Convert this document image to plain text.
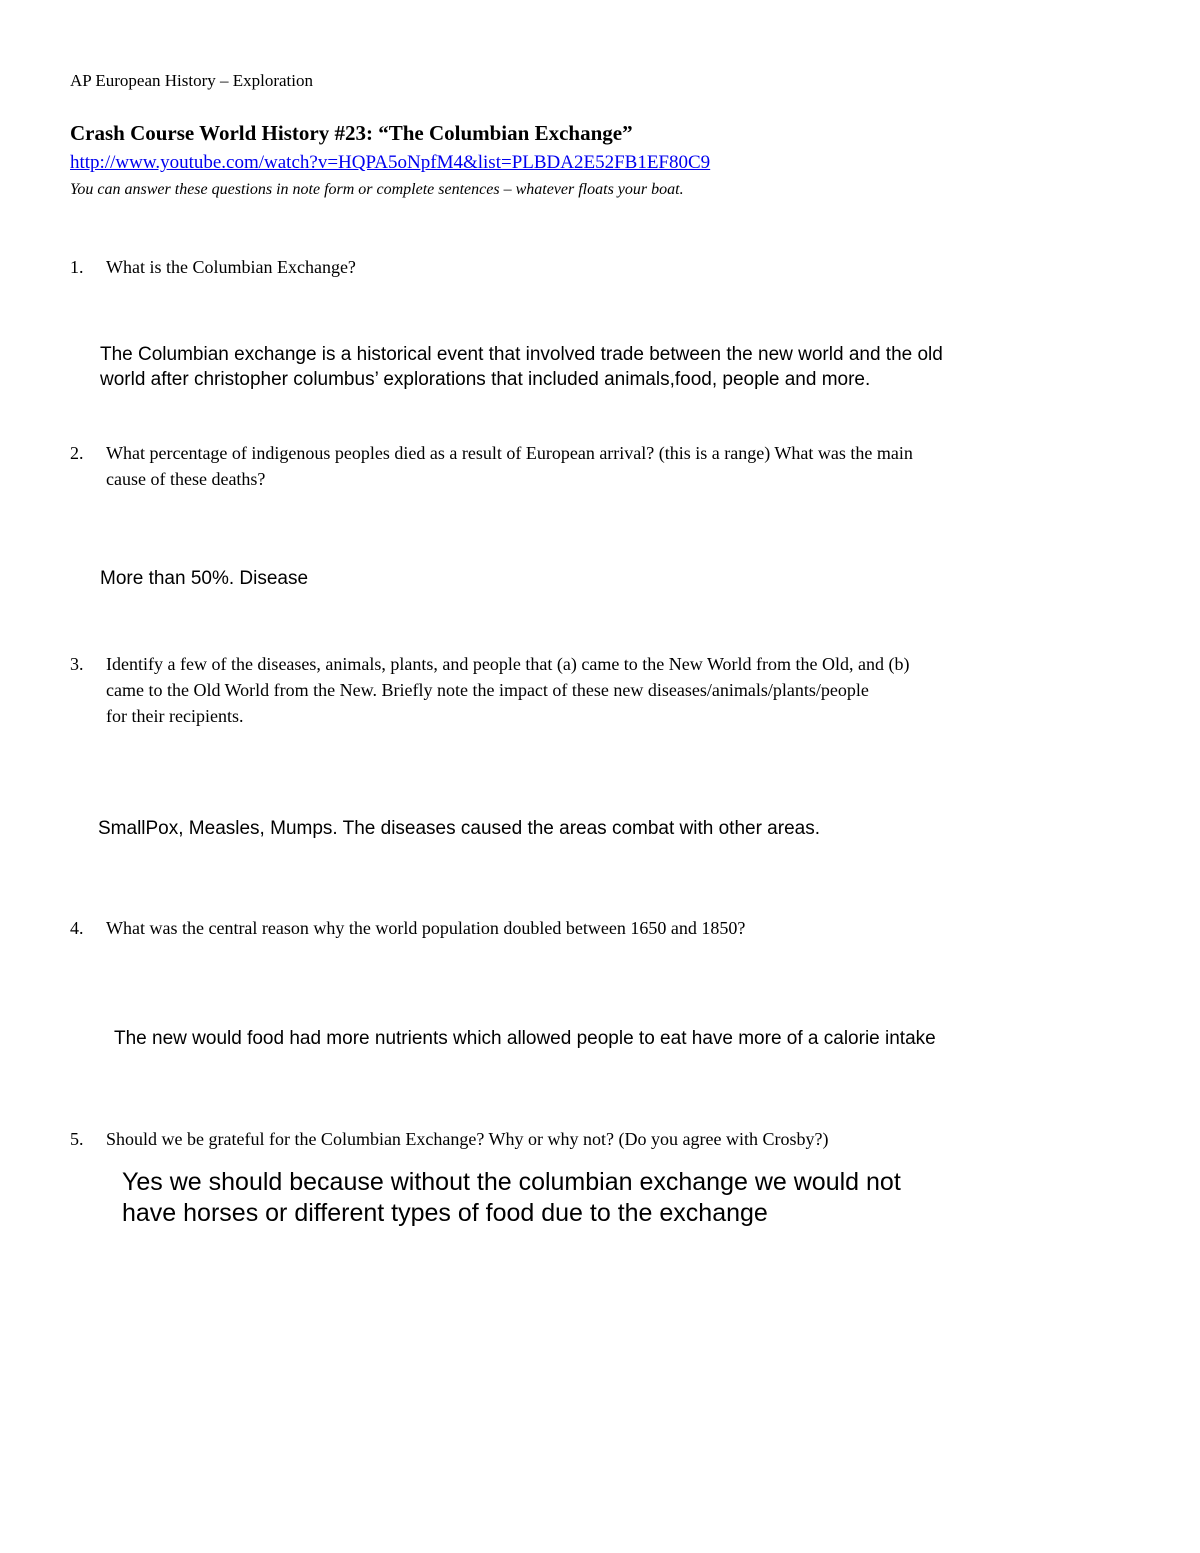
AP European History – Exploration
Crash Course World History #23: “The Columbian Exchange”
http://www.youtube.com/watch?v=HQPA5oNpfM4&list=PLBDA2E52FB1EF80C9
You can answer these questions in note form or complete sentences – whatever floats your boat.
1. What is the Columbian Exchange?
The Columbian exchange is a historical event that involved trade between the new world and the old
world after christopher columbus’ explorations that included animals,food, people and more.
2. What percentage of indigenous peoples died as a result of European arrival? (this is a range) What was the main
cause of these deaths?
More than 50%. Disease
3. Identify a few of the diseases, animals, plants, and people that (a) came to the New World from the Old, and (b)
came to the Old World from the New. Briefly note the impact of these new diseases/animals/plants/people
for their recipients.
SmallPox, Measles, Mumps. The diseases caused the areas combat with other areas.
4. What was the central reason why the world population doubled between 1650 and 1850?
The new would food had more nutrients which allowed people to eat have more of a calorie intake
5. Should we be grateful for the Columbian Exchange? Why or why not? (Do you agree with Crosby?)
Yes we should because without the columbian exchange we would not
have horses or different types of food due to the exchange
